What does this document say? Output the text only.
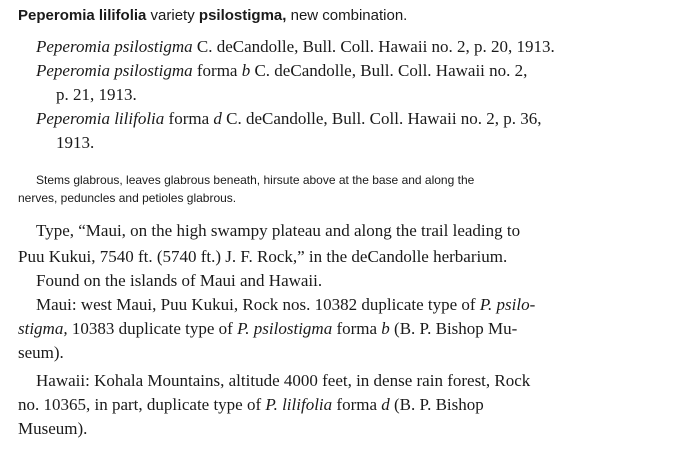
Peperomia lilifolia variety psilostigma, new combination.

Peperomia psilostigma C. deCandolle, Bull. Coll. Hawaii no. 2, p. 20, 1913.

Peperomia psilostigma forma b C. deCandolle, Bull. Coll. Hawaii no. 2,

p. 21, 1913.

Peperomia lilifolia forma d C. deCandolle, Bull. Coll. Hawaii no. 2, p. 36,

1913.

Stems glabrous, leaves glabrous beneath, hirsute above at the base and along the

nerves, peduncles and petioles glabrous.

Type, “Maui, on the high swampy plateau and along the trail leading to

Puu Kukui, 7540 ft. (5740 ft.) J. F. Rock,” in the deCandolle herbarium.

Found on the islands of Maui and Hawaii.

Maui: west Maui, Puu Kukui, Rock nos. 10382 duplicate type of P. psilo-

stigma, 10383 duplicate type of P. psilostigma forma b (B. P. Bishop Mu-

seum).

Hawaii: Kohala Mountains, altitude 4000 feet, in dense rain forest, Rock

no. 10365, in part, duplicate type of P. lilifolia forma d (B. P. Bishop

Museum).
